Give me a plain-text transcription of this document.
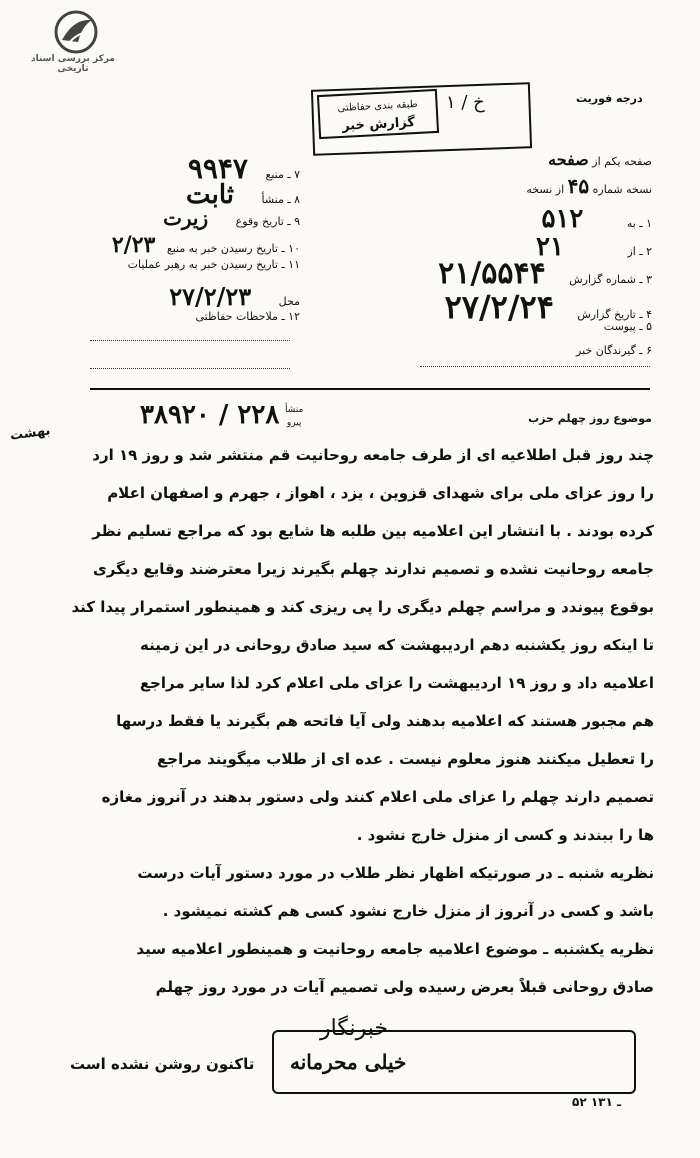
مرکز بررسی اسناد تاریخی
درجه فوریت
طبقه بندی حفاظتی
گزارش خبر
خ / ۱
صفحه یکم از صفحه
نسخه شماره ۴۵ از نسخه
۱ ـ به ۵۱۲
۲ ـ از ۲۱
۳ ـ شماره گزارش ۲۱/۵۵۴۴
۴ ـ تاریخ گزارش ۲۷/۲/۲۴
۵ ـ پیوست
۶ ـ گیرندگان خبر
۷ ـ منبع ۹۹۴۷
۸ ـ منشأ ثابت
۹ ـ تاریخ وقوع زیرت
۱۰ ـ تاریخ رسیدن خبر به منبع ۲/۲۳
۱۱ ـ تاریخ رسیدن خبر به رهبر عملیات
محل ۲۷/۲/۲۳
۱۲ ـ ملاحظات حفاظتی
موضوع روز چهلم حزب
۳۸۹۲۰ / ۲۲۸ منشأ
پیرو
بهشت
چند روز قبل اطلاعیه ای از طرف جامعه روحانیت قم منتشر شد و روز ۱۹ ارد
را روز عزای ملی برای شهدای قزوین ، یزد ، اهواز ، جهرم و اصفهان اعلام
کرده بودند . با انتشار این اعلامیه بین طلبه ها شایع بود که مراجع تسلیم نظر
جامعه روحانیت نشده و تصمیم ندارند چهلم بگیرند زیرا معترضند وقایع دیگری
بوقوع پیوندد و مراسم چهلم دیگری را پی ریزی کند و همینطور استمرار پیدا کند
تا اینکه روز یکشنبه دهم اردیبهشت که سید صادق روحانی در این زمینه
اعلامیه داد و روز ۱۹ اردیبهشت را عزای ملی اعلام کرد لذا سایر مراجع
هم مجبور هستند که اعلامیه بدهند ولی آیا فاتحه هم بگیرند یا فقط درسها
را تعطیل میکنند هنوز معلوم نیست . عده ای از طلاب میگویند مراجع
تصمیم دارند چهلم را عزای ملی اعلام کنند ولی دستور بدهند در آنروز مغازه
ها را ببندند و کسی از منزل خارج نشود .
نظریه شنبه ـ در صورتیکه اظهار نظر طلاب در مورد دستور آیات درست
باشد و کسی در آنروز از منزل خارج نشود کسی هم کشته نمیشود .
نظریه یکشنبه ـ موضوع اعلامیه جامعه روحانیت و همینطور اعلامیه سید
صادق روحانی قبلاً بعرض رسیده ولی تصمیم آیات در مورد روز چهلم
تاکنون روشن نشده است
خبرنگار
خیلی محرمانه
۵۲ ـ ۱۳۱
